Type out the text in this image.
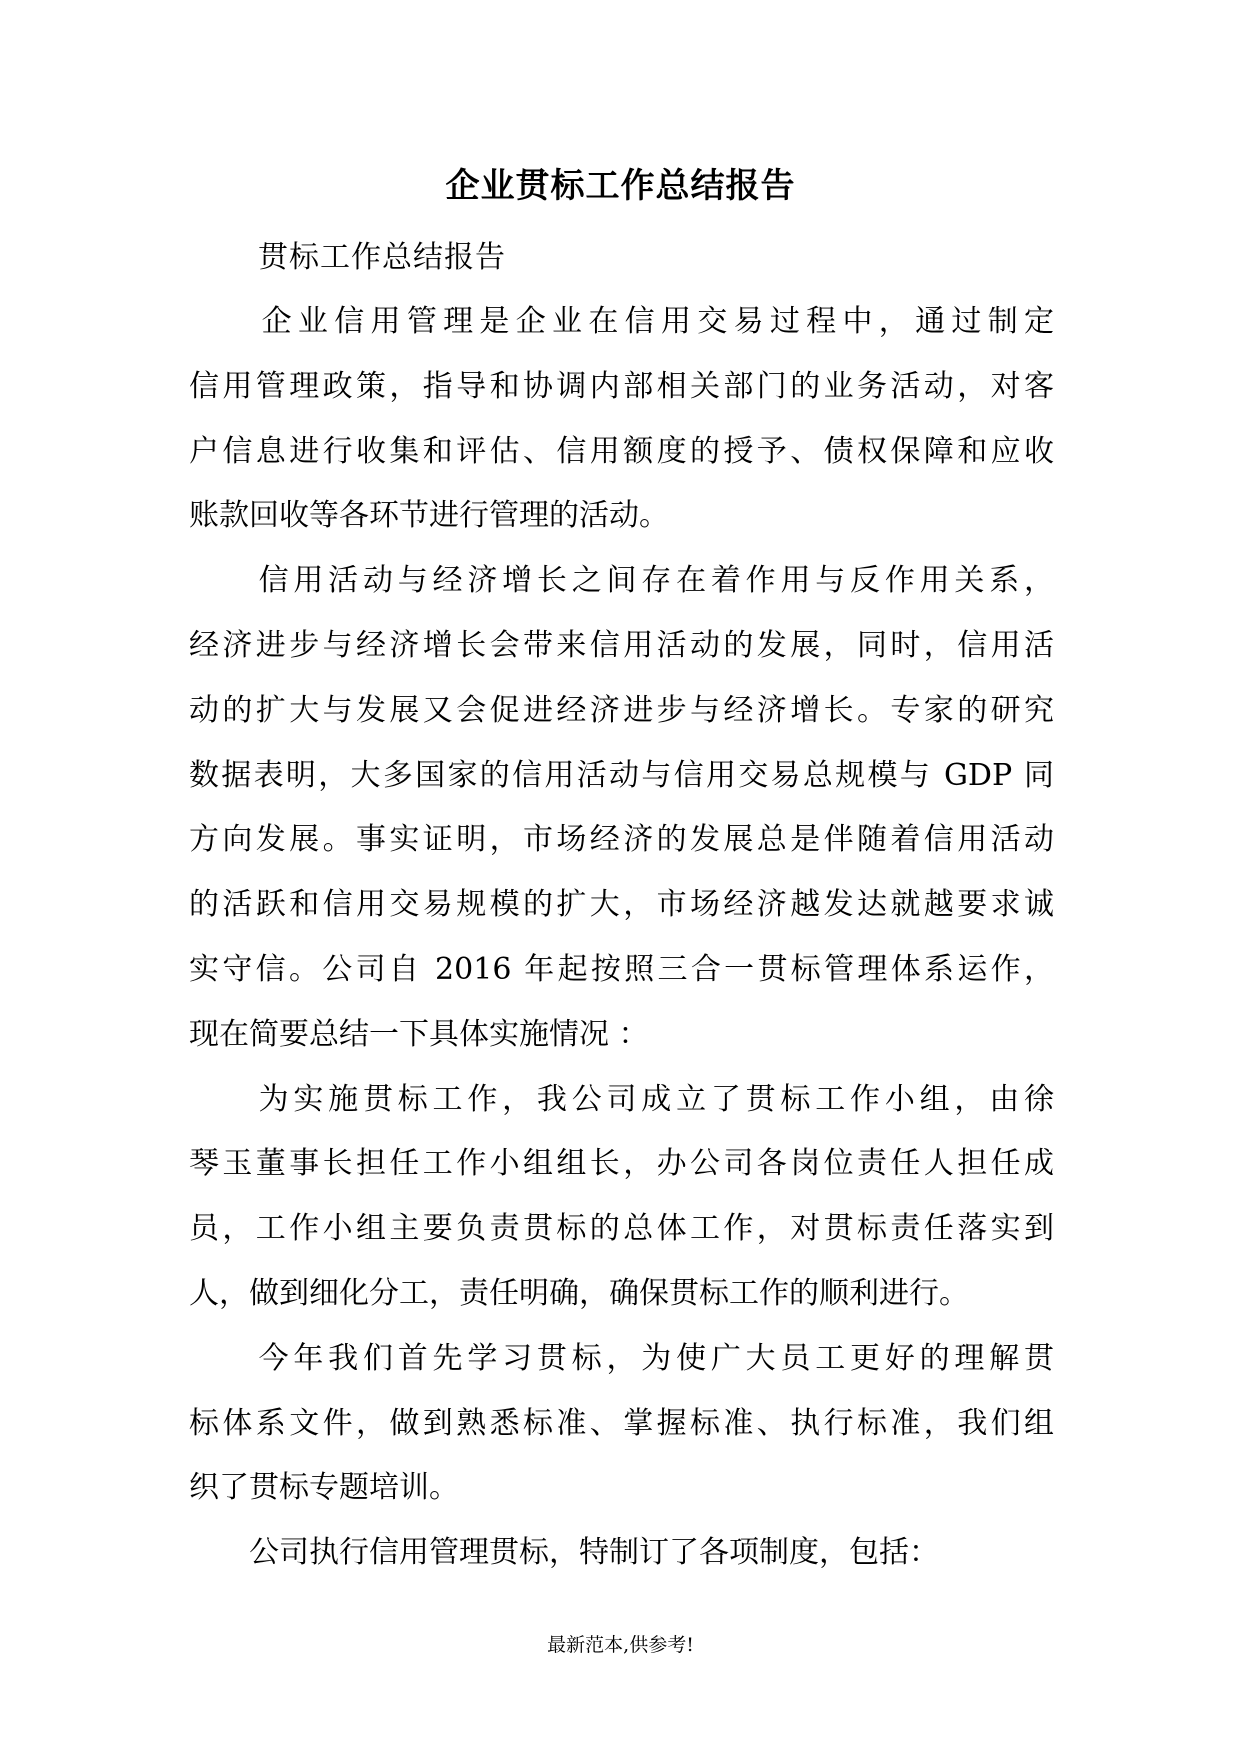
企业贯标工作总结报告
贯标工作总结报告
　　企业信用管理是企业在信用交易过程中，通过制定
信用管理政策，指导和协调内部相关部门的业务活动，对客
户信息进行收集和评估、信用额度的授予、债权保障和应收
账款回收等各环节进行管理的活动。
　　信用活动与经济增长之间存在着作用与反作用关系，
经济进步与经济增长会带来信用活动的发展，同时，信用活
动的扩大与发展又会促进经济进步与经济增长。专家的研究
数据表明，大多国家的信用活动与信用交易总规模与 GDP 同
方向发展。事实证明，市场经济的发展总是伴随着信用活动
的活跃和信用交易规模的扩大，市场经济越发达就越要求诚
实守信。公司自 2016 年起按照三合一贯标管理体系运作，
现在简要总结一下具体实施情况 ：
　　为实施贯标工作，我公司成立了贯标工作小组，由徐
琴玉董事长担任工作小组组长，办公司各岗位责任人担任成
员，工作小组主要负责贯标的总体工作，对贯标责任落实到
人，做到细化分工，责任明确，确保贯标工作的顺利进行。
　　今年我们首先学习贯标，为使广大员工更好的理解贯
标体系文件，做到熟悉标准、掌握标准、执行标准，我们组
织了贯标专题培训。
　　公司执行信用管理贯标，特制订了各项制度，包括：
最新范本,供参考!
